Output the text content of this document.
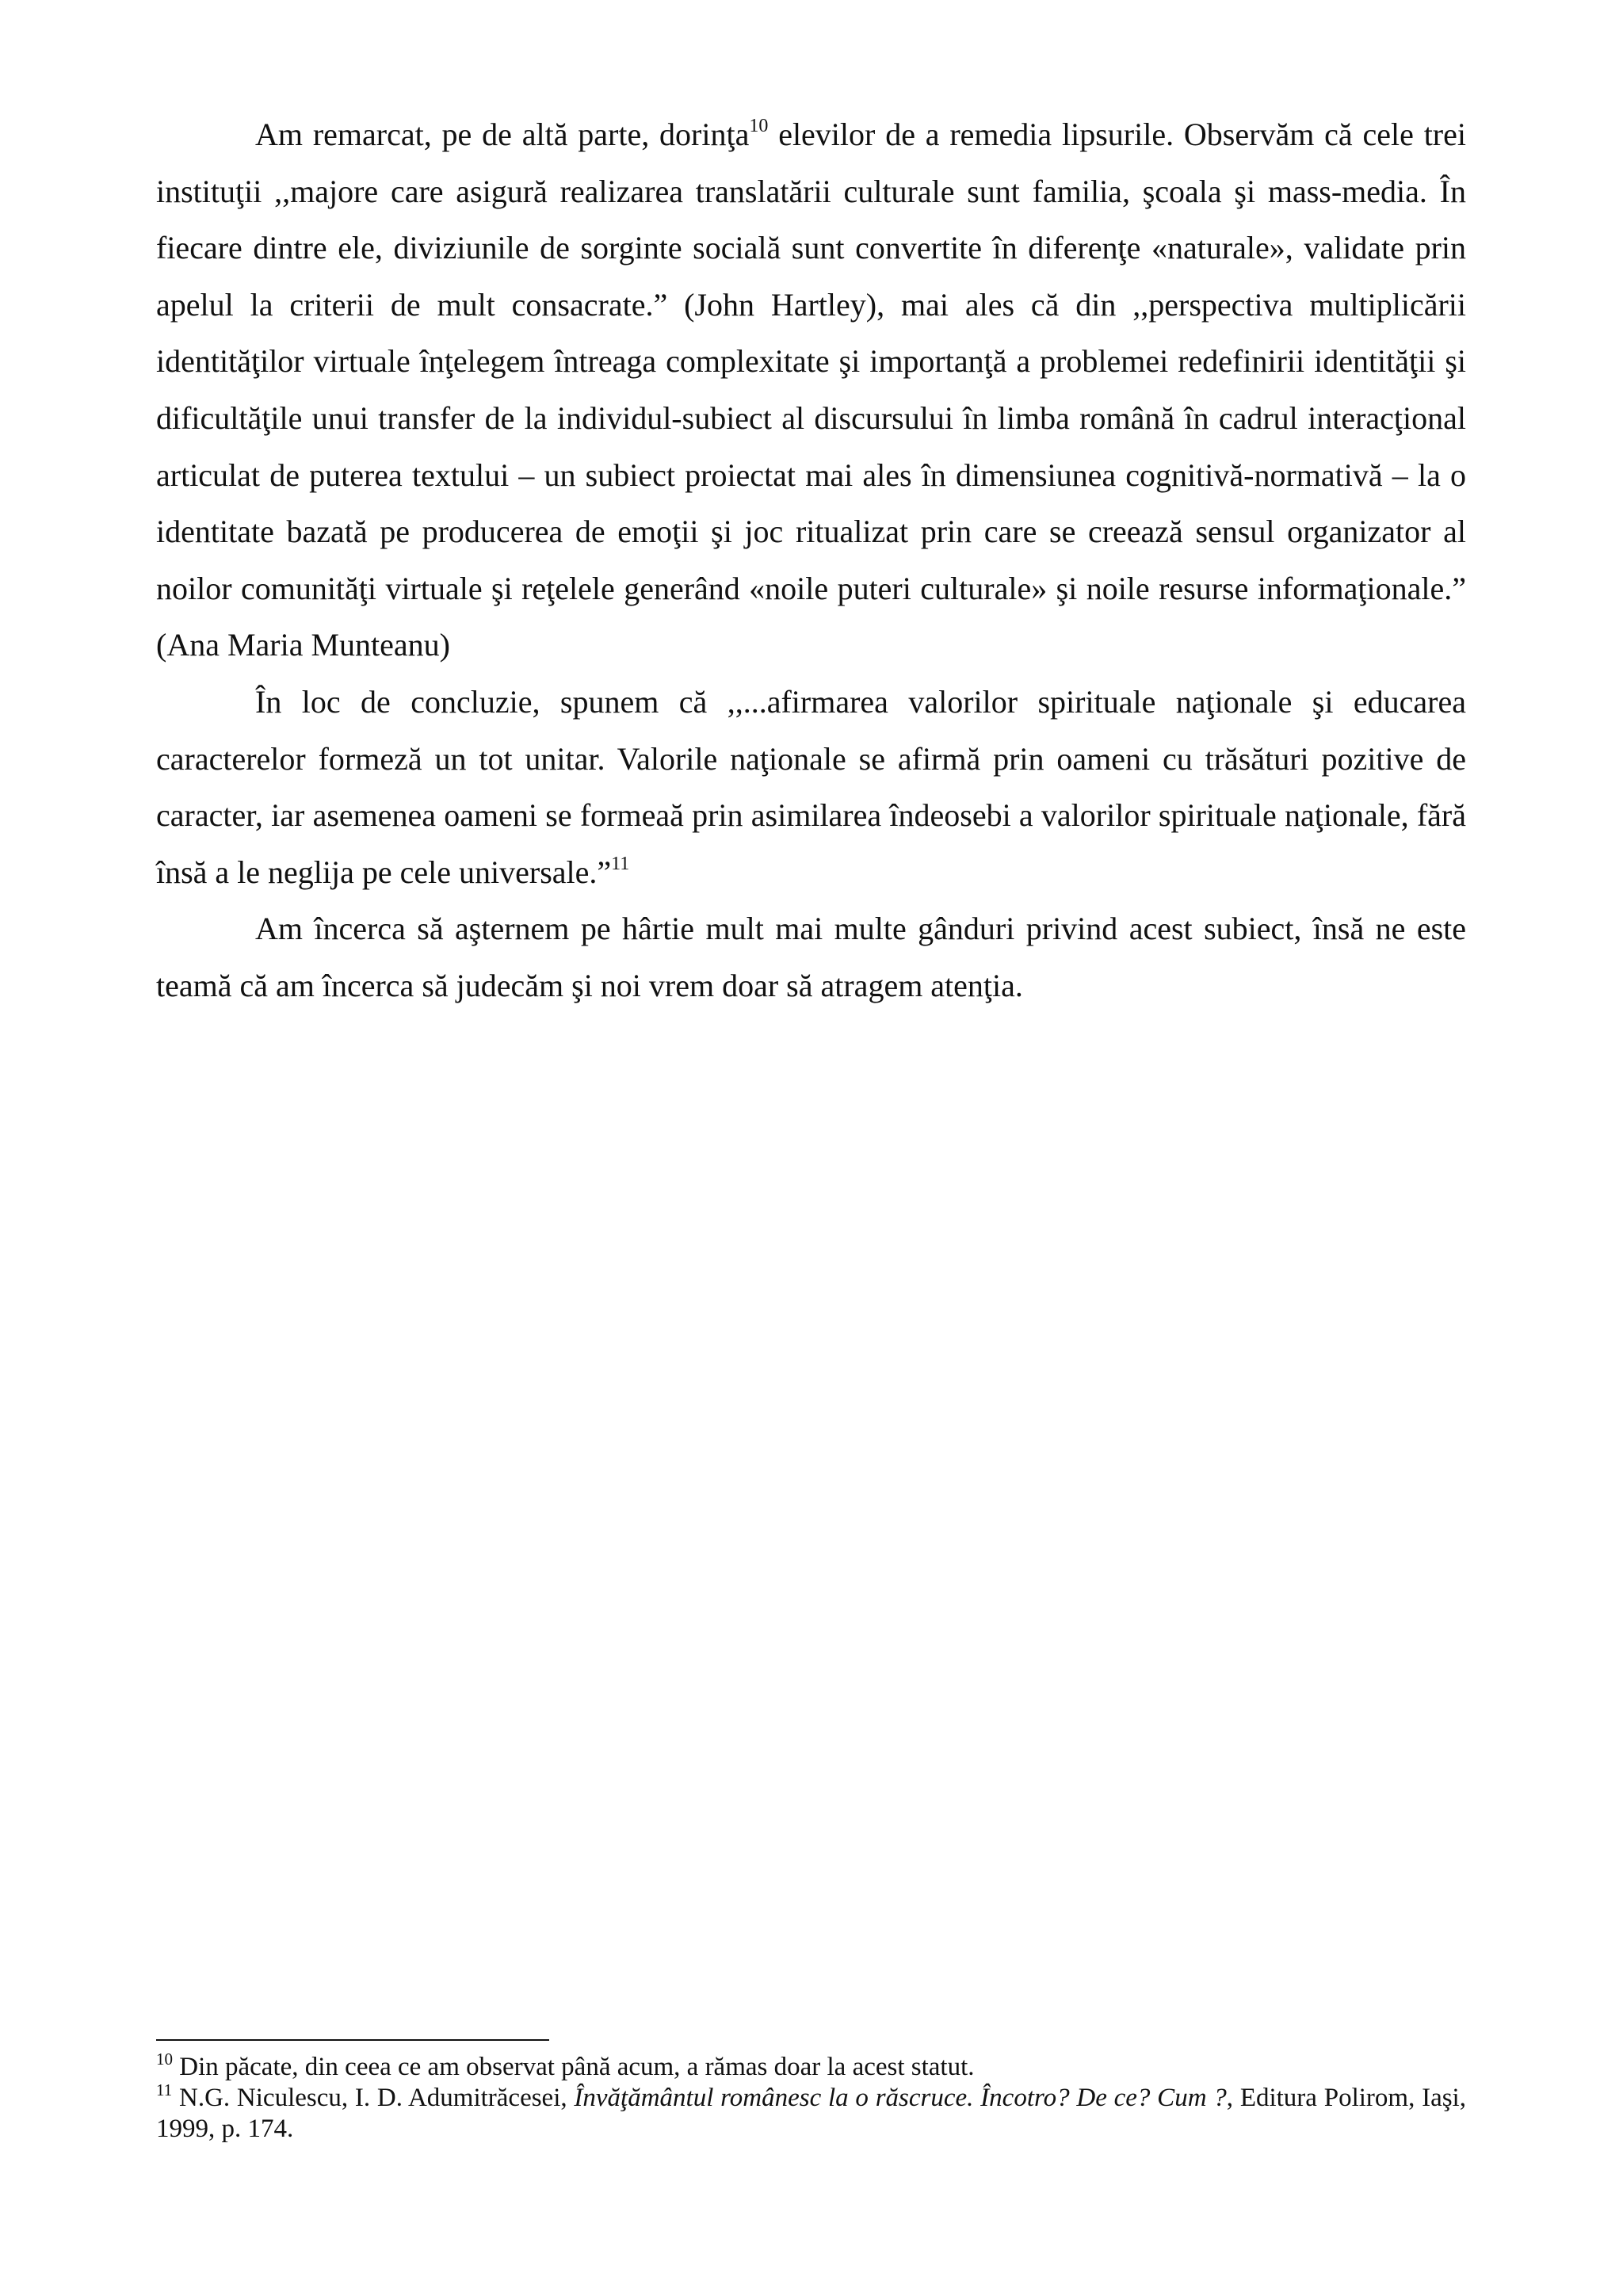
Am remarcat, pe de altă parte, dorinţa$^{10}$ elevilor de a remedia lipsurile. Observăm că cele trei instituţii ,,majore care asigură realizarea translatării culturale sunt familia, şcoala şi mass-media. În fiecare dintre ele, diviziunile de sorginte socială sunt convertite în diferenţe «naturale», validate prin apelul la criterii de mult consacrate.” (John Hartley), mai ales că din ,,perspectiva multiplicării identităţilor virtuale înţelegem întreaga complexitate şi importanţă a problemei redefinirii identităţii şi dificultăţile unui transfer de la individul-subiect al discursului în limba română în cadrul interacţional articulat de puterea textului – un subiect proiectat mai ales în dimensiunea cognitivă-normativă – la o identitate bazată pe producerea de emoţii şi joc ritualizat prin care se creează sensul organizator al noilor comunităţi virtuale şi reţelele generând «noile puteri culturale» şi noile resurse informaţionale.” (Ana Maria Munteanu)

În loc de concluzie, spunem că ,,...afirmarea valorilor spirituale naţionale şi educarea caracterelor formeză un tot unitar. Valorile naţionale se afirmă prin oameni cu trăsături pozitive de caracter, iar asemenea oameni se formeaă prin asimilarea îndeosebi a valorilor spirituale naţionale, fără însă a le neglija pe cele universale.”$^{11}$

Am încerca să aşternem pe hârtie mult mai multe gânduri privind acest subiect, însă ne este teamă că am încerca să judecăm şi noi vrem doar să atragem atenţia.

$^{10}$ Din păcate, din ceea ce am observat până acum, a rămas doar la acest statut.

$^{11}$ N.G. Niculescu, I. D. Adumitrăcesei, Învăţământul românesc la o răscruce. Încotro? De ce? Cum ?, Editura Polirom, Iaşi, 1999, p. 174.
